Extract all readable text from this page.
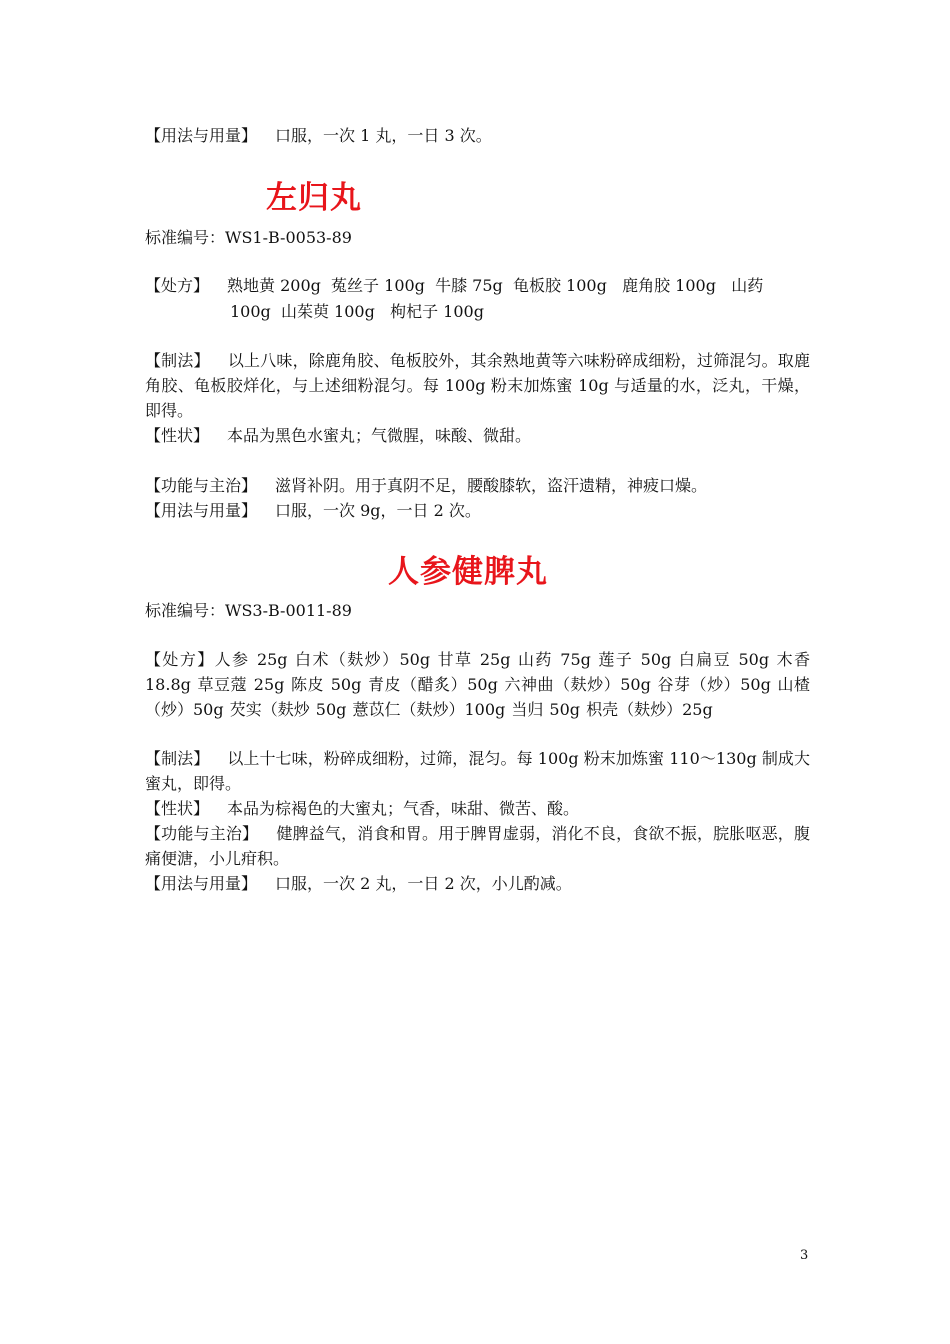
【用法与用量】 口服，一次 1 丸，一日 3 次。
左归丸
标准编号：WS1-B-0053-89
【处方】 熟地黄 200g  菟丝子 100g  牛膝 75g  龟板胶 100g   鹿角胶 100g   山药
100g  山茱萸 100g   枸杞子 100g
【制法】 以上八味，除鹿角胶、龟板胶外，其余熟地黄等六味粉碎成细粉，过筛混匀。取鹿角胶、龟板胶烊化，与上述细粉混匀。每 100g 粉末加炼蜜 10g 与适量的水，泛丸，干燥，即得。
【性状】 本品为黑色水蜜丸；气微腥，味酸、微甜。
【功能与主治】 滋肾补阴。用于真阴不足，腰酸膝软，盗汗遗精，神疲口燥。
【用法与用量】 口服，一次 9g，一日 2 次。
人参健脾丸
标准编号：WS3-B-0011-89
【处方】人参 25g 白术（麸炒）50g 甘草 25g 山药 75g 莲子 50g 白扁豆 50g 木香 18.8g 草豆蔻 25g 陈皮 50g 青皮（醋炙）50g 六神曲（麸炒）50g 谷芽（炒）50g 山楂（炒）50g 芡实（麸炒 50g 薏苡仁（麸炒）100g 当归 50g 枳壳（麸炒）25g
【制法】 以上十七味，粉碎成细粉，过筛，混匀。每 100g 粉末加炼蜜 110～130g 制成大蜜丸，即得。
【性状】 本品为棕褐色的大蜜丸；气香，味甜、微苦、酸。
【功能与主治】 健脾益气，消食和胃。用于脾胃虚弱，消化不良，食欲不振，脘胀呕恶，腹痛便溏，小儿疳积。
【用法与用量】 口服，一次 2 丸，一日 2 次，小儿酌减。
3
